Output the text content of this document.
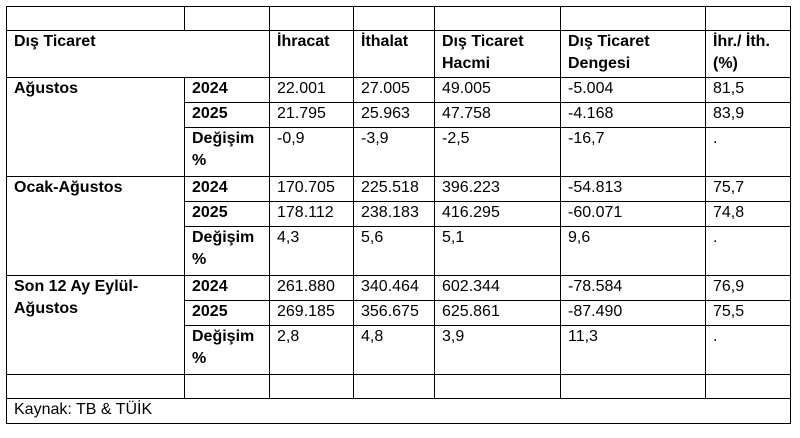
Dış Ticaret		İhracat	İthalat	Dış Ticaret Hacmi	Dış Ticaret Dengesi	İhr./ İth. (%)
Ağustos	2024	22.001	27.005	49.005	-5.004	81,5
	2025	21.795	25.963	47.758	-4.168	83,9
	Değişim %	-0,9	-3,9	-2,5	-16,7	.
Ocak-Ağustos	2024	170.705	225.518	396.223	-54.813	75,7
	2025	178.112	238.183	416.295	-60.071	74,8
	Değişim %	4,3	5,6	5,1	9,6	.
Son 12 Ay Eylül-Ağustos	2024	261.880	340.464	602.344	-78.584	76,9
	2025	269.185	356.675	625.861	-87.490	75,5
	Değişim %	2,8	4,8	3,9	11,3	.

Kaynak: TB & TÜİK						
